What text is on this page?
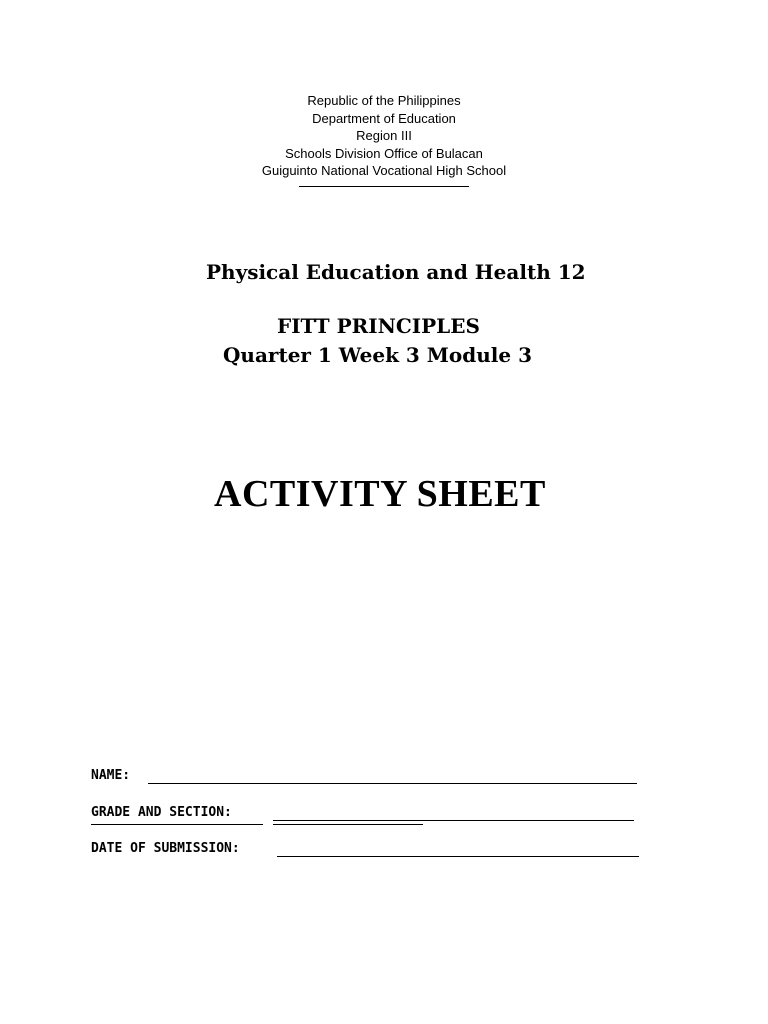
Republic of the Philippines
Department of Education
Region III
Schools Division Office of Bulacan
Guiguinto National Vocational High School
Physical Education and Health 12
FITT PRINCIPLES
Quarter 1 Week 3 Module 3
ACTIVITY SHEET
NAME:
GRADE AND SECTION:
DATE OF SUBMISSION:
